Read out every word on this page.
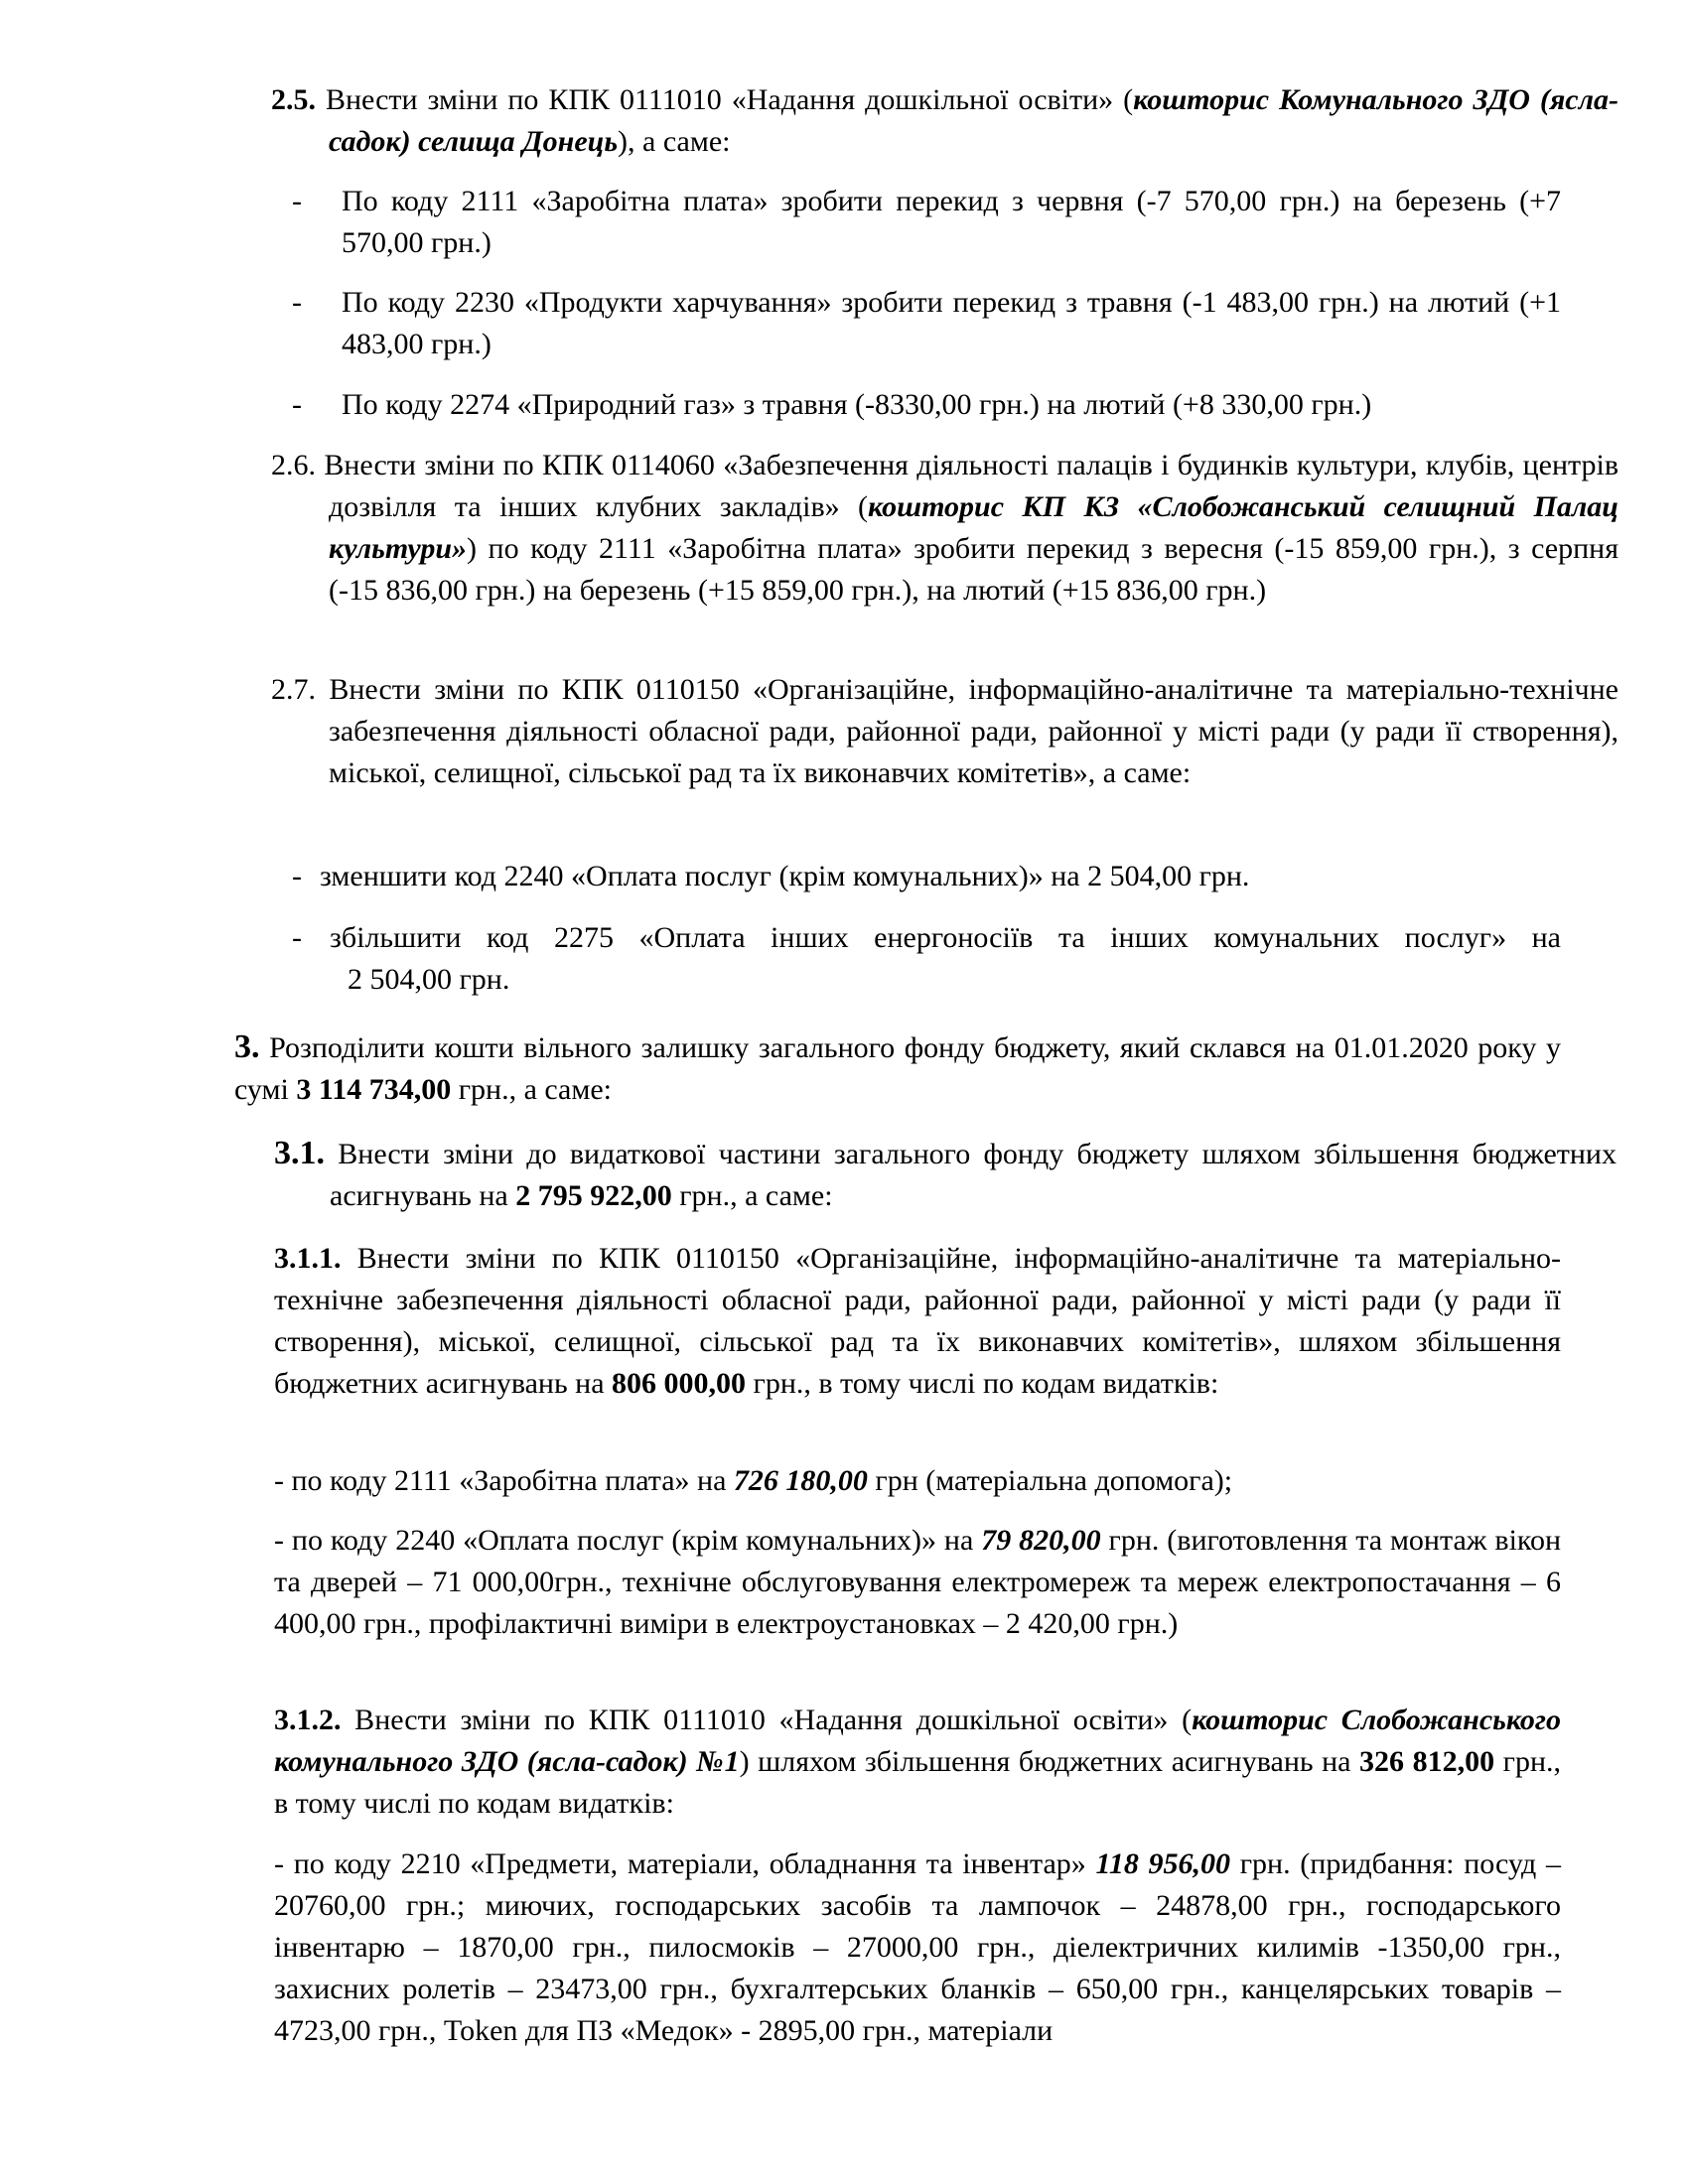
2.5. Внести зміни по КПК 0111010 «Надання дошкільної освіти» (кошторис Комунального ЗДО (ясла-садок) селища Донець), а саме:

- По коду 2111 «Заробітна плата» зробити перекид з червня (-7 570,00 грн.) на березень (+7 570,00 грн.)

- По коду 2230 «Продукти харчування» зробити перекид з травня (-1 483,00 грн.) на лютий (+1 483,00 грн.)

- По коду 2274 «Природний газ» з травня (-8330,00 грн.) на лютий (+8 330,00 грн.)

2.6. Внести зміни по КПК 0114060 «Забезпечення діяльності палаців і будинків культури, клубів, центрів дозвілля та інших клубних закладів» (кошторис КП КЗ «Слобожанський селищний Палац культури») по коду 2111 «Заробітна плата» зробити перекид з вересня (-15 859,00 грн.), з серпня (-15 836,00 грн.) на березень (+15 859,00 грн.), на лютий (+15 836,00 грн.)

2.7. Внести зміни по КПК 0110150 «Організаційне, інформаційно-аналітичне та матеріально-технічне забезпечення діяльності обласної ради, районної ради, районної у місті ради (у ради її створення), міської, селищної, сільської рад та їх виконавчих комітетів», а саме:

- зменшити код 2240 «Оплата послуг (крім комунальних)» на 2 504,00 грн.

- збільшити код 2275 «Оплата інших енергоносіїв та інших комунальних послуг» на

2 504,00 грн.

3. Розподілити кошти вільного залишку загального фонду бюджету, який склався на 01.01.2020 року у сумі 3 114 734,00 грн., а саме:

3.1. Внести зміни до видаткової частини загального фонду бюджету шляхом збільшення бюджетних асигнувань на 2 795 922,00 грн., а саме:

3.1.1. Внести зміни по КПК 0110150 «Організаційне, інформаційно-аналітичне та матеріально-технічне забезпечення діяльності обласної ради, районної ради, районної у місті ради (у ради її створення), міської, селищної, сільської рад та їх виконавчих комітетів», шляхом збільшення бюджетних асигнувань на 806 000,00 грн., в тому числі по кодам видатків:

- по коду 2111 «Заробітна плата» на 726 180,00 грн (матеріальна допомога);

- по коду 2240 «Оплата послуг (крім комунальних)» на 79 820,00 грн. (виготовлення та монтаж вікон та дверей – 71 000,00грн., технічне обслуговування електромереж та мереж електропостачання – 6 400,00 грн., профілактичні виміри в електроустановках – 2 420,00 грн.)

3.1.2. Внести зміни по КПК 0111010 «Надання дошкільної освіти» (кошторис Слобожанського комунального ЗДО (ясла-садок) №1) шляхом збільшення бюджетних асигнувань на 326 812,00 грн., в тому числі по кодам видатків:

- по коду 2210 «Предмети, матеріали, обладнання та інвентар» 118 956,00 грн. (придбання: посуд – 20760,00 грн.; миючих, господарських засобів та лампочок – 24878,00 грн., господарського інвентарю – 1870,00 грн., пилосмоків – 27000,00 грн., діелектричних килимів -1350,00 грн., захисних ролетів – 23473,00 грн., бухгалтерських бланків – 650,00 грн., канцелярських товарів – 4723,00 грн., Token для ПЗ «Медок» - 2895,00 грн., матеріали
